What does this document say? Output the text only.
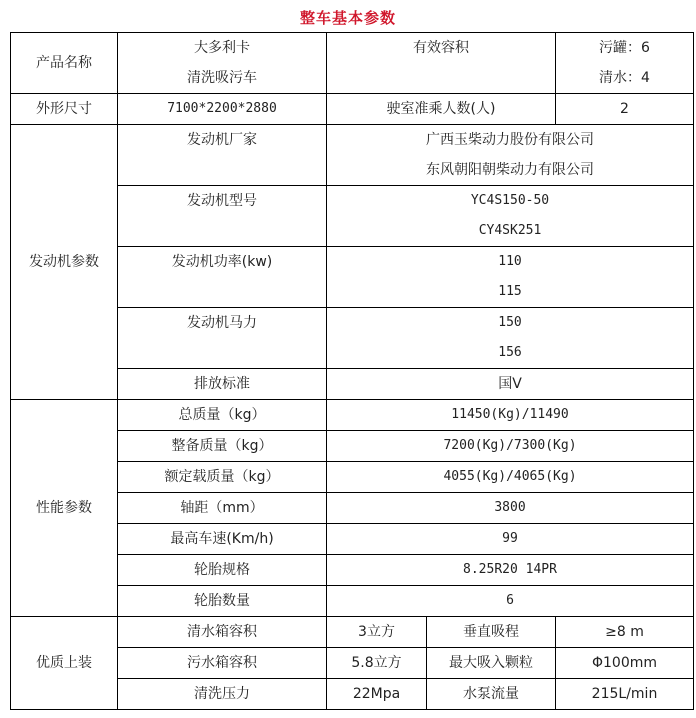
整车基本参数
产品名称	大多利卡	有效容积		污罐：6
	清洗吸污车			清水：4
外形尺寸	7100*2200*2880	驶室准乘人数(人)		2
发动机参数	发动机厂家	广西玉柴动力股份有限公司		
		东风朝阳朝柴动力有限公司		
	发动机型号	YC4S150-50		
		CY4SK251		
	发动机功率(kw)	110		
		115		
	发动机马力	150		
		156		
	排放标准	国Ⅴ		
性能参数	总质量（kg）	11450(Kg)/11490		
	整备质量（kg）	7200(Kg)/7300(Kg)		
	额定载质量（kg）	4055(Kg)/4065(Kg)		
	轴距（mm）	3800		
	最高车速(Km/h)	99		
	轮胎规格	8.25R20 14PR		
	轮胎数量	6		
优质上装	清水箱容积	3立方	垂直吸程	≥8 m
	污水箱容积	5.8立方	最大吸入颗粒	Φ100mm
	清洗压力	22Mpa	水泵流量	215L/min
